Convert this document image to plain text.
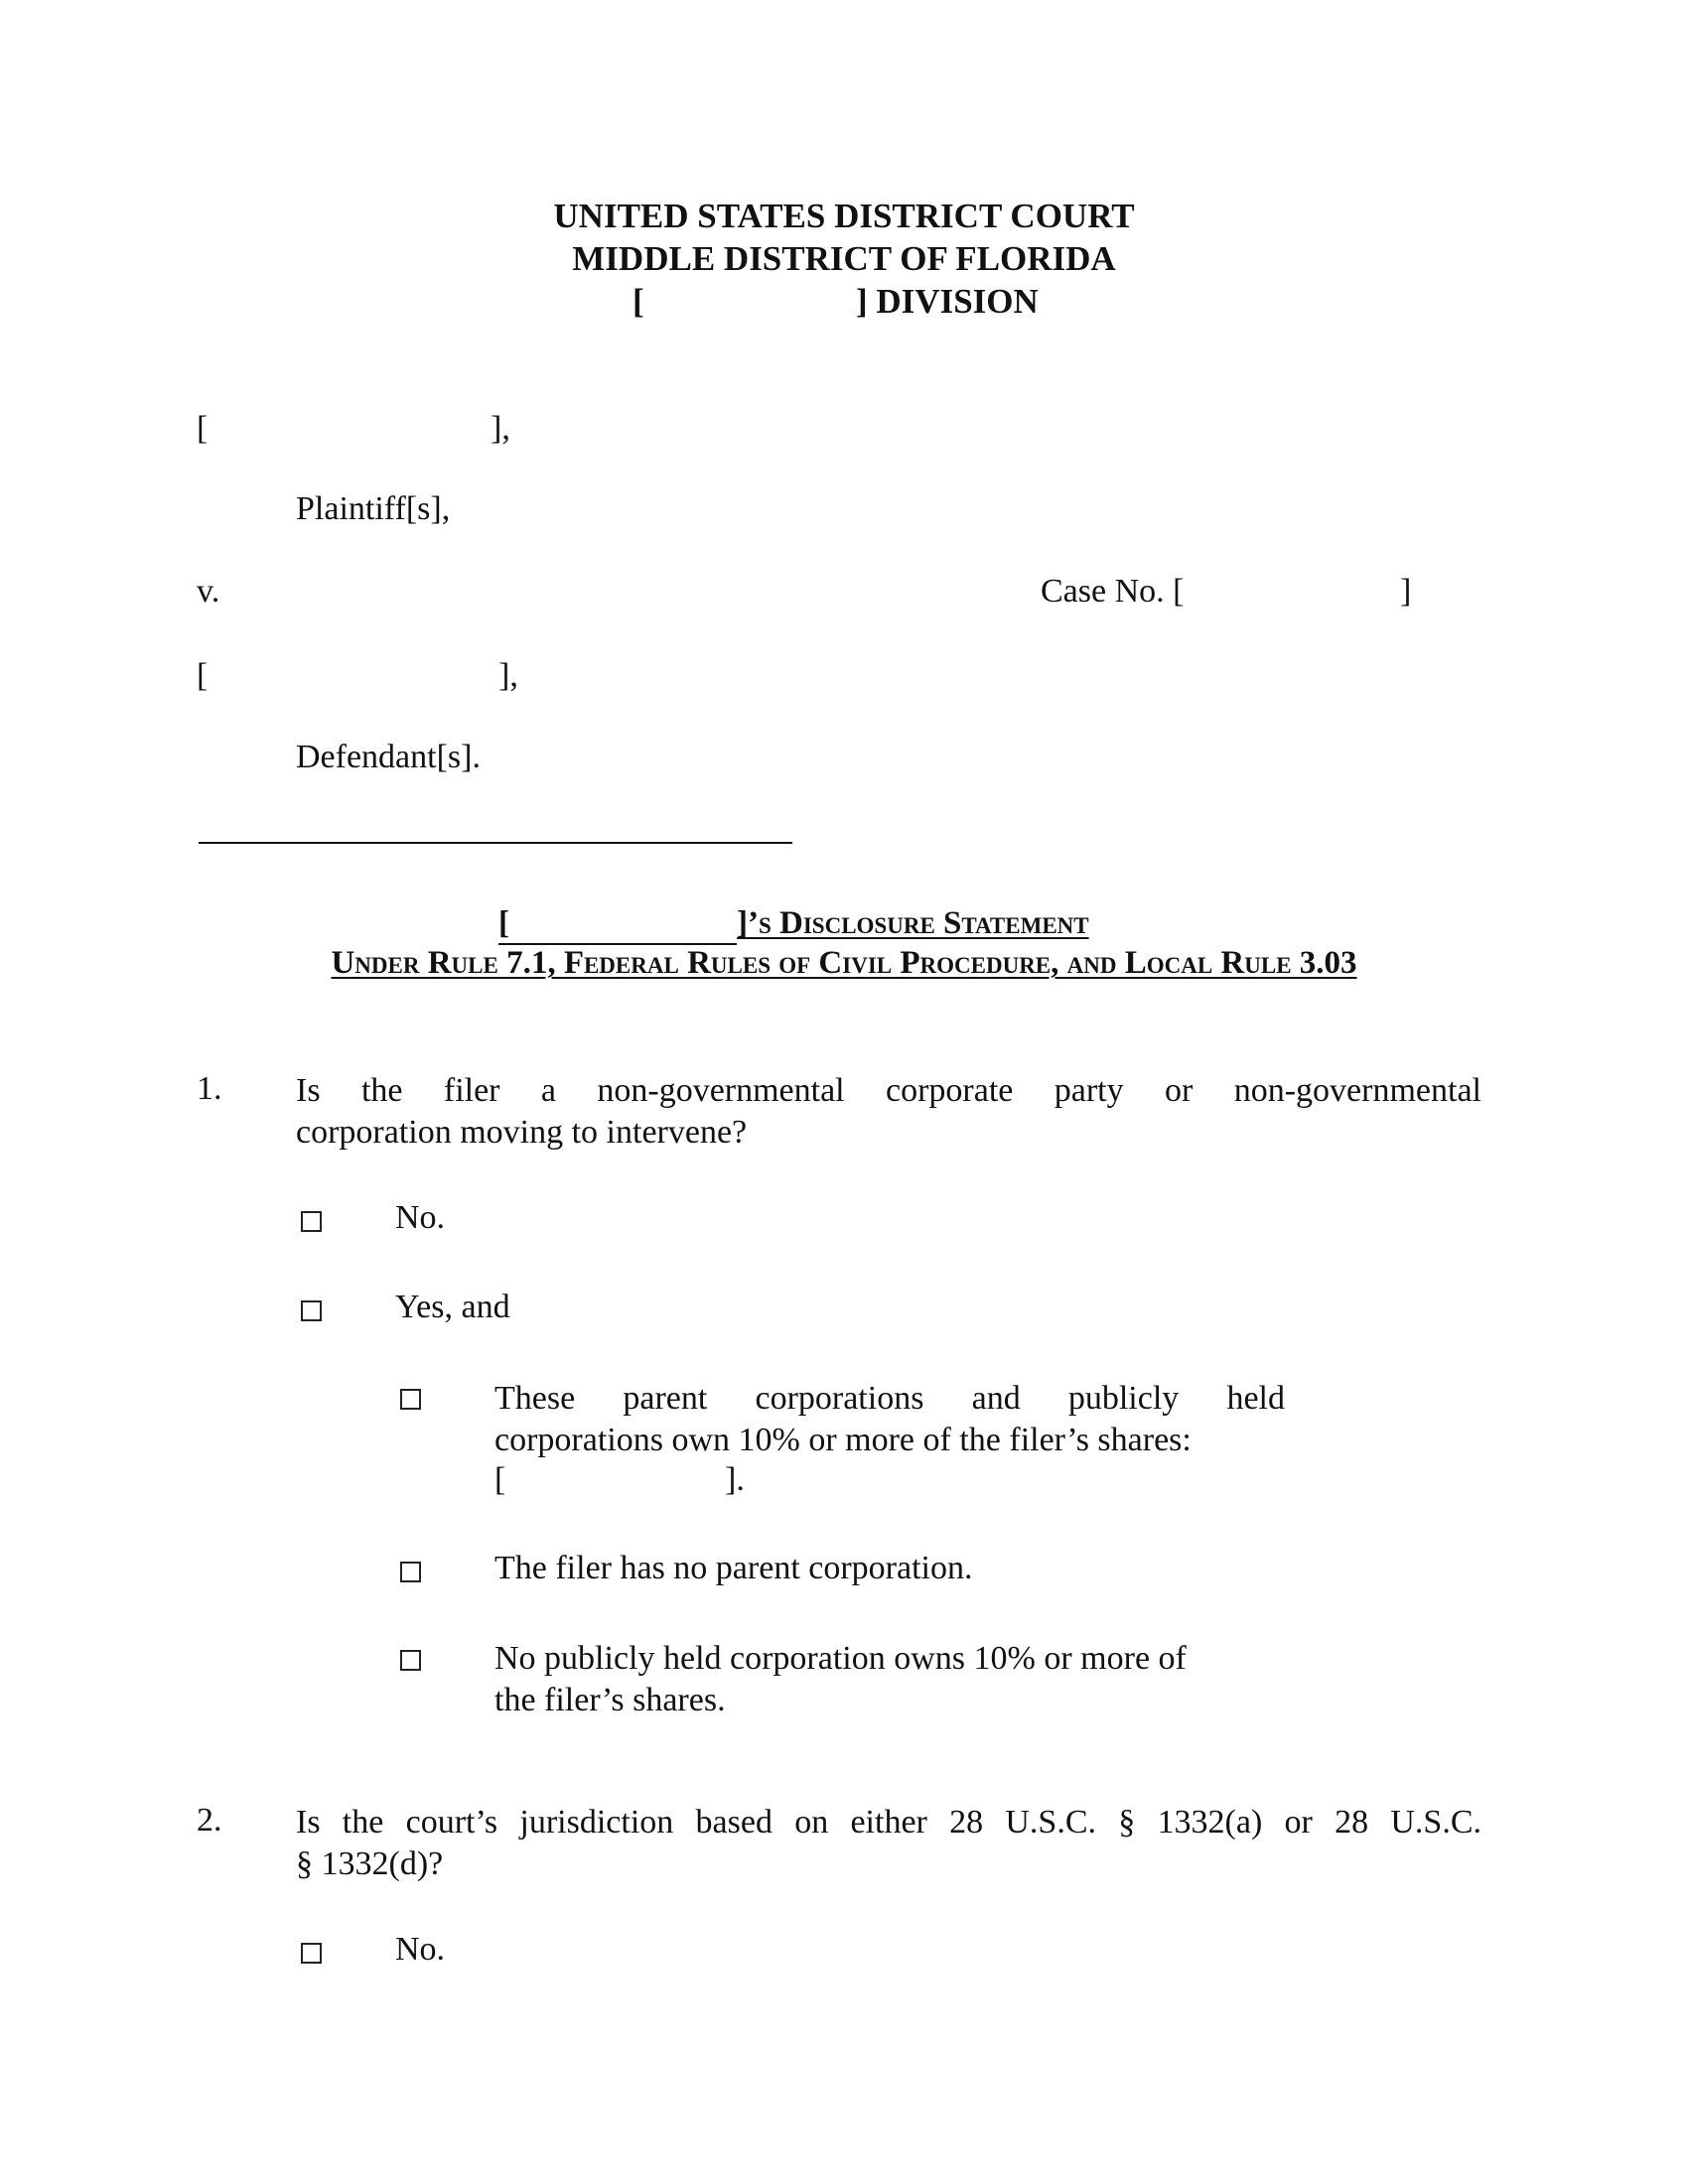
UNITED STATES DISTRICT COURT
MIDDLE DISTRICT OF FLORIDA
[	] DIVISION
[	],
Plaintiff[s],
v.	Case No. [	]
[	],
Defendant[s].
[	]’s Disclosure Statement
Under Rule 7.1, Federal Rules of Civil Procedure, and Local Rule 3.03
1. Is the filer a non-governmental corporate party or non-governmental
corporation moving to intervene?
No.
Yes, and
These parent corporations and publicly held
corporations own 10% or more of the filer’s shares:
[	].
The filer has no parent corporation.
No publicly held corporation owns 10% or more of
the filer’s shares.
2. Is the court’s jurisdiction based on either 28 U.S.C. § 1332(a) or 28 U.S.C.
§ 1332(d)?
No.
